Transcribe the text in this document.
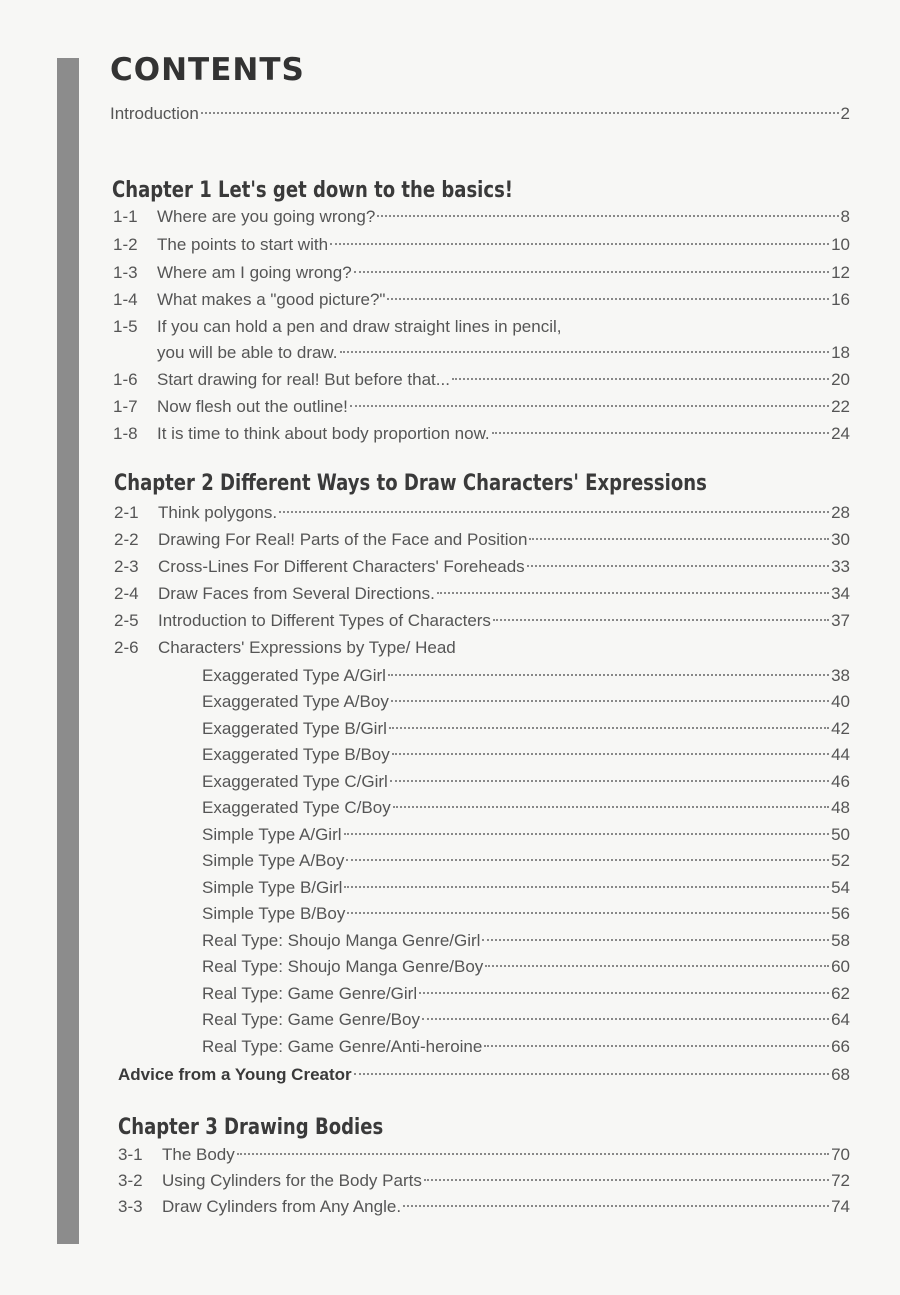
CONTENTS
Introduction	2
Chapter 1 Let's get down to the basics!
1-1	Where are you going wrong?	8
1-2	The points to start with	10
1-3	Where am I going wrong?	12
1-4	What makes a "good picture?"	16
1-5	If you can hold a pen and draw straight lines in pencil,
you will be able to draw.	18
1-6	Start drawing for real! But before that...	20
1-7	Now flesh out the outline!	22
1-8	It is time to think about body proportion now.	24
Chapter 2 Different Ways to Draw Characters' Expressions
2-1	Think polygons.	28
2-2	Drawing For Real! Parts of the Face and Position	30
2-3	Cross-Lines For Different Characters' Foreheads	33
2-4	Draw Faces from Several Directions.	34
2-5	Introduction to Different Types of Characters	37
2-6	Characters' Expressions by Type/ Head
Exaggerated Type A/Girl	38
Exaggerated Type A/Boy	40
Exaggerated Type B/Girl	42
Exaggerated Type B/Boy	44
Exaggerated Type C/Girl	46
Exaggerated Type C/Boy	48
Simple Type A/Girl	50
Simple Type A/Boy	52
Simple Type B/Girl	54
Simple Type B/Boy	56
Real Type: Shoujo Manga Genre/Girl	58
Real Type: Shoujo Manga Genre/Boy	60
Real Type: Game Genre/Girl	62
Real Type: Game Genre/Boy	64
Real Type: Game Genre/Anti-heroine	66
Advice from a Young Creator	68
Chapter 3 Drawing Bodies
3-1	The Body	70
3-2	Using Cylinders for the Body Parts	72
3-3	Draw Cylinders from Any Angle.	74
